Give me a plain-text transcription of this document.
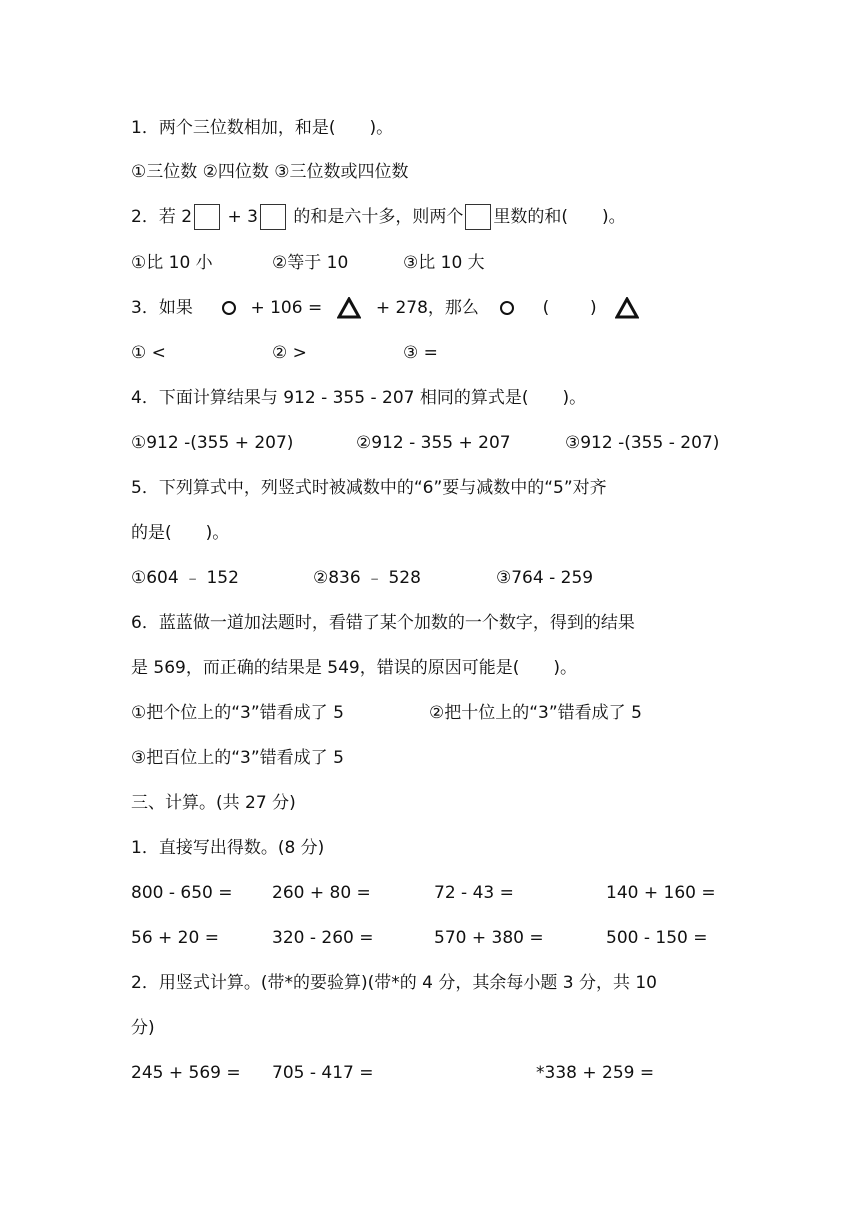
1．两个三位数相加，和是(　　)。
①三位数 ②四位数 ③三位数或四位数
2．若 2 + 3 的和是六十多，则两个 里数的和(　　)。
①比 10 小	②等于 10	③比 10 大
3．如果	+ 106 =	+ 278，那么	( )
① <	② >	③ =
4．下面计算结果与 912 - 355 - 207 相同的算式是(　　)。
①912 -(355 + 207)	②912 - 355 + 207	③912 -(355 - 207)
5．下列算式中，列竖式时被减数中的“6”要与减数中的“5”对齐
的是(　　)。
①604 ﹣ 152	②836 ﹣ 528	③764 - 259
6．蓝蓝做一道加法题时，看错了某个加数的一个数字，得到的结果
是 569，而正确的结果是 549，错误的原因可能是(　　)。
①把个位上的“3”错看成了 5	②把十位上的“3”错看成了 5
③把百位上的“3”错看成了 5
三、计算。(共 27 分)
1．直接写出得数。(8 分)
800 - 650 = 260 + 80 =	72 - 43 =	140 + 160 =
56 + 20 =	320 - 260 =	570 + 380 =	500 - 150 =
2．用竖式计算。(带*的要验算)(带*的 4 分，其余每小题 3 分，共 10
分)
245 + 569 = 705 - 417 =	*338 + 259 =
